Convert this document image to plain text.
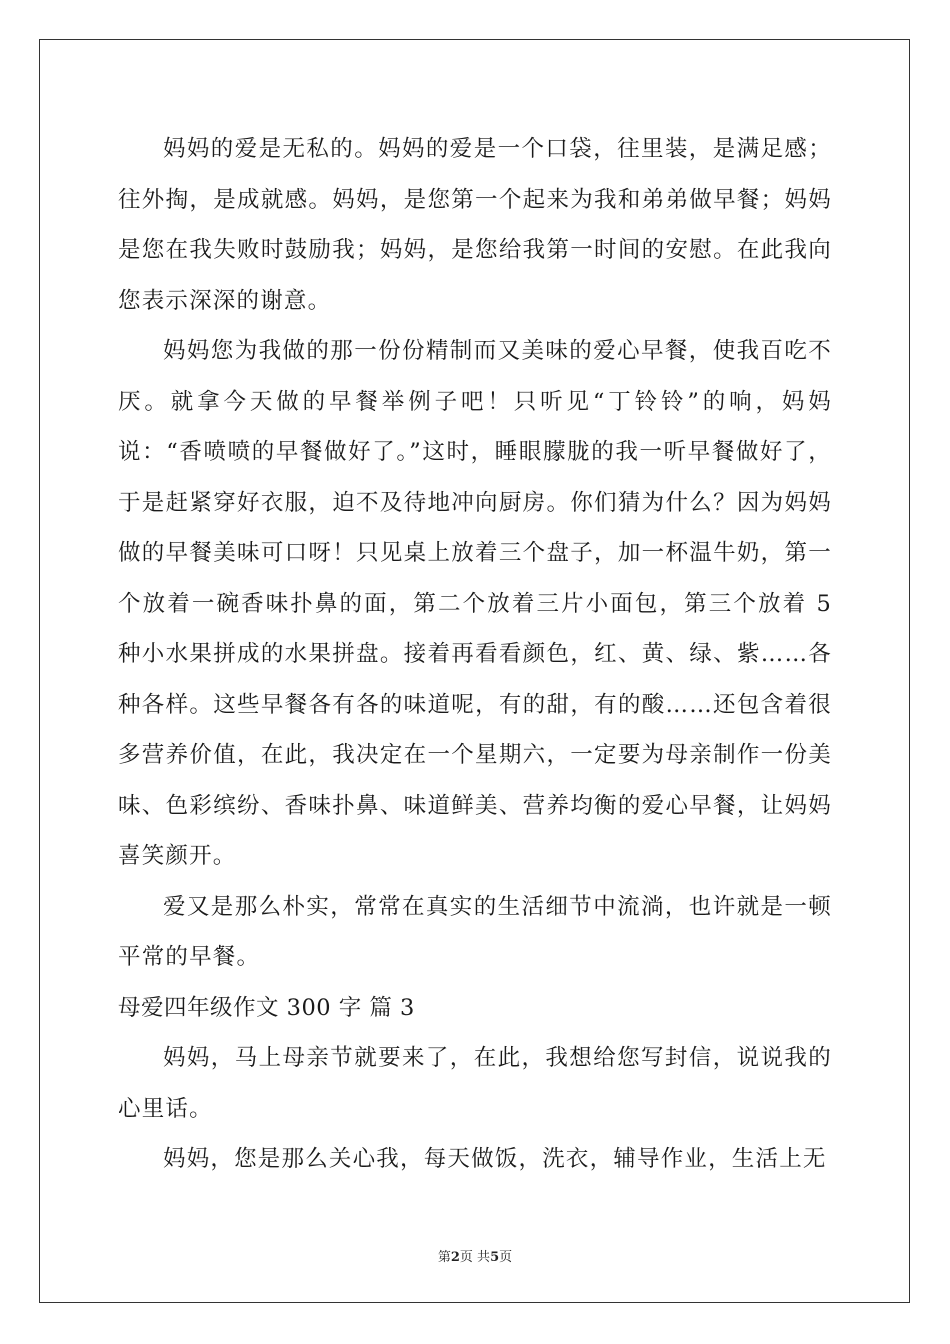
妈妈的爱是无私的。妈妈的爱是一个口袋，往里装，是满足感；往外掏，是成就感。妈妈，是您第一个起来为我和弟弟做早餐；妈妈是您在我失败时鼓励我；妈妈，是您给我第一时间的安慰。在此我向您表示深深的谢意。

妈妈您为我做的那一份份精制而又美味的爱心早餐，使我百吃不厌。就拿今天做的早餐举例子吧！只听见“丁铃铃”的响，妈妈说：“香喷喷的早餐做好了。”这时，睡眼朦胧的我一听早餐做好了，于是赶紧穿好衣服，迫不及待地冲向厨房。你们猜为什么？因为妈妈做的早餐美味可口呀！只见桌上放着三个盘子，加一杯温牛奶，第一个放着一碗香味扑鼻的面，第二个放着三片小面包，第三个放着 5 种小水果拼成的水果拼盘。接着再看看颜色，红、黄、绿、紫……各种各样。这些早餐各有各的味道呢，有的甜，有的酸……还包含着很多营养价值，在此，我决定在一个星期六，一定要为母亲制作一份美味、色彩缤纷、香味扑鼻、味道鲜美、营养均衡的爱心早餐，让妈妈喜笑颜开。

爱又是那么朴实，常常在真实的生活细节中流淌，也许就是一顿平常的早餐。

母爱四年级作文 300 字 篇 3

妈妈，马上母亲节就要来了，在此，我想给您写封信，说说我的心里话。

妈妈，您是那么关心我，每天做饭，洗衣，辅导作业，生活上无

第2页 共5页
